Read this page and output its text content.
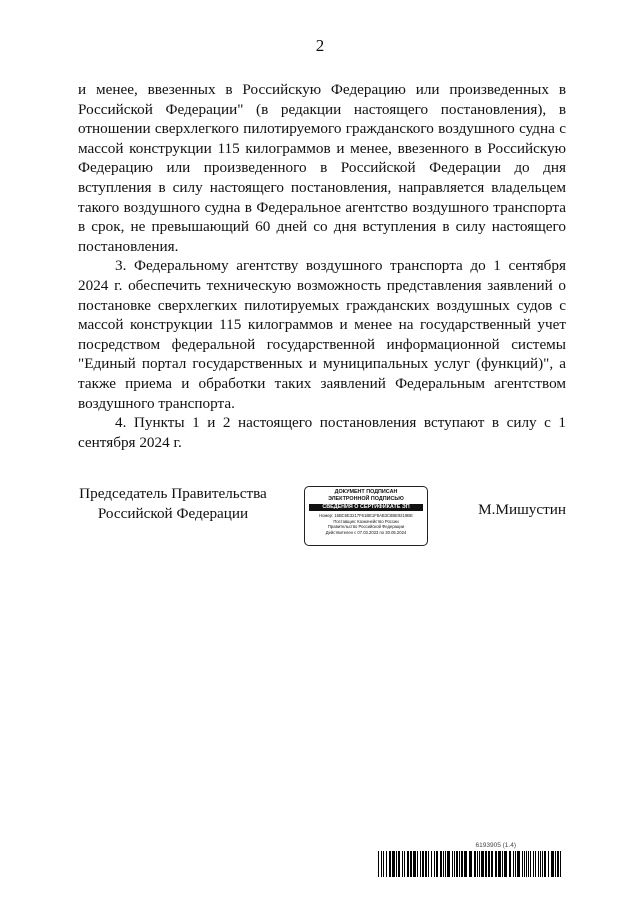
2

и менее, ввезенных в Российскую Федерацию или произведенных в Российской Федерации" (в редакции настоящего постановления), в отношении сверхлегкого пилотируемого гражданского воздушного судна с массой конструкции 115 килограммов и менее, ввезенного в Российскую Федерацию или произведенного в Российской Федерации до дня вступления в силу настоящего постановления, направляется владельцем такого воздушного судна в Федеральное агентство воздушного транспорта в срок, не превышающий 60 дней со дня вступления в силу настоящего постановления.

3. Федеральному агентству воздушного транспорта до 1 сентября 2024 г. обеспечить техническую возможность представления заявлений о постановке сверхлегких пилотируемых гражданских воздушных судов с массой конструкции 115 килограммов и менее на государственный учет посредством федеральной государственной информационной системы "Единый портал государственных и муниципальных услуг (функций)", а также приема и обработки таких заявлений Федеральным агентством воздушного транспорта.

4. Пункты 1 и 2 настоящего постановления вступают в силу с 1 сентября 2024 г.

Председатель Правительства
Российской Федерации
ДОКУМЕНТ ПОДПИСАН
ЭЛЕКТРОННОЙ ПОДПИСЬЮ
СВЕДЕНИЯ О СЕРТИФИКАТЕ ЭП
Номер: 15ВС6Е3217F61ВЕ1F8АВ3С8ВЕ9219ВЕ
Поставщик: Казначейство России
Правительство Российской Федерации
Действителен с 07.03.2023 по 30.05.2024
М.Мишустин
6193905 (1.4)
